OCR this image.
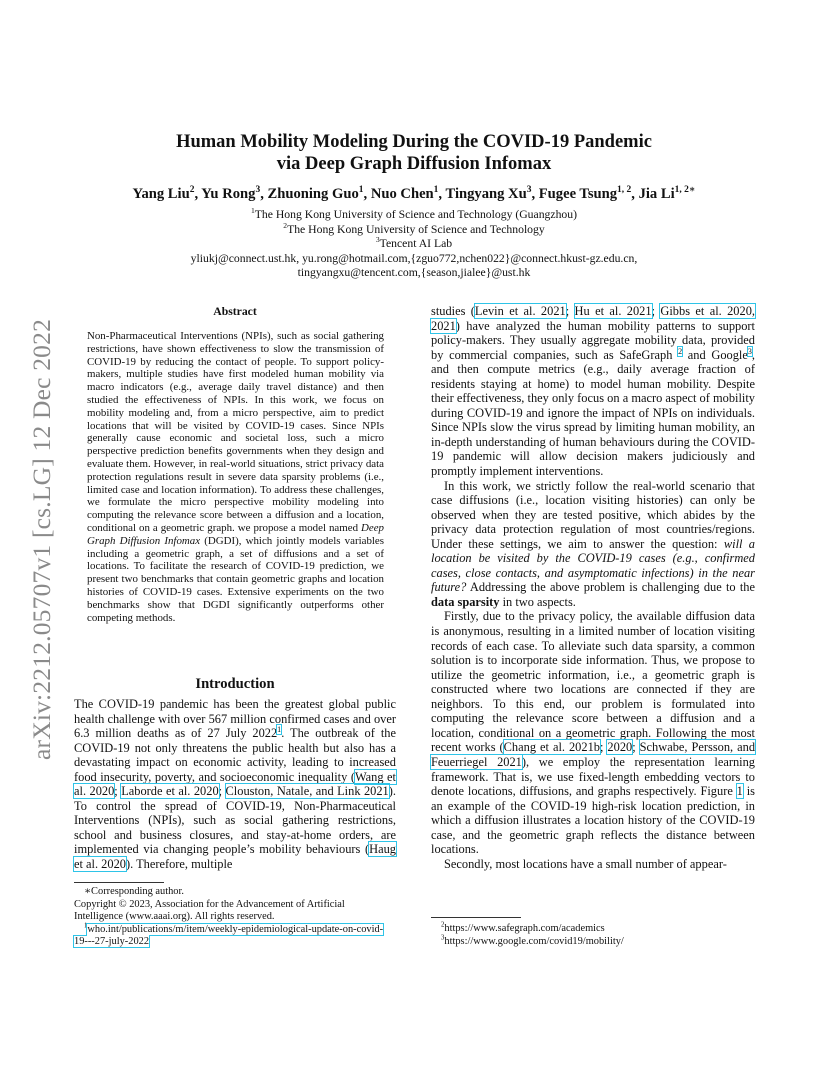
arXiv:2212.05707v1 [cs.LG] 12 Dec 2022
Human Mobility Modeling During the COVID-19 Pandemic
via Deep Graph Diffusion Infomax
Yang Liu$^2$, Yu Rong$^3$, Zhuoning Guo$^1$, Nuo Chen$^1$, Tingyang Xu$^3$, Fugee Tsung$^{1, 2}$, Jia $Li^{1, 2∗}$
$^1$The Hong Kong University of Science and Technology (Guangzhou)
$^2$The Hong Kong University of Science and Technology
$^3$Tencent AI Lab
yliukj@connect.ust.hk, yu.rong@hotmail.com,{zguo772,nchen022}@connect.hkust-gz.edu.cn,
tingyangxu@tencent.com,{season,jialee}@ust.hk
Abstract
Non-Pharmaceutical Interventions (NPIs), such as social gathering restrictions, have shown effectiveness to slow the transmission of COVID-19 by reducing the contact of people. To support policy-makers, multiple studies have first modeled human mobility via macro indicators (e.g., average daily travel distance) and then studied the effectiveness of NPIs. In this work, we focus on mobility modeling and, from a micro perspective, aim to predict locations that will be visited by COVID-19 cases. Since NPIs generally cause economic and societal loss, such a micro perspective prediction benefits governments when they design and evaluate them. However, in real-world situations, strict privacy data protection regulations result in severe data sparsity problems (i.e., limited case and location information). To address these challenges, we formulate the micro perspective mobility modeling into computing the relevance score between a diffusion and a location, conditional on a geometric graph. we propose a model named Deep Graph Diffusion Infomax (DGDI), which jointly models variables including a geometric graph, a set of diffusions and a set of locations. To facilitate the research of COVID-19 prediction, we present two benchmarks that contain geometric graphs and location histories of COVID-19 cases. Extensive experiments on the two benchmarks show that DGDI significantly outperforms other competing methods.
Introduction

The COVID-19 pandemic has been the greatest global public health challenge with over 567 million confirmed cases and over 6.3 million deaths as of 27 July 2022$^1$. The outbreak of the COVID-19 not only threatens the public health but also has a devastating impact on economic activity, leading to increased food insecurity, poverty, and socioeconomic inequality (Wang et al. 2020; Laborde et al. 2020; Clouston, Natale, and Link 2021). To control the spread of COVID-19, Non-Pharmaceutical Interventions (NPIs), such as social gathering restrictions, school and business closures, and stay-at-home orders, are implemented via changing people’s mobility behaviours (Haug et al. 2020). Therefore, multiple

∗Corresponding author.

Copyright © 2023, Association for the Advancement of Artificial Intelligence (www.aaai.org). All rights reserved.

$^1$who.int/publications/m/item/weekly-epidemiological-update-on-covid-19---27-july-2022

studies (Levin et al. 2021; Hu et al. 2021; Gibbs et al. 2020, 2021) have analyzed the human mobility patterns to support policy-makers. They usually aggregate mobility data, provided by commercial companies, such as SafeGraph $^2$ and Google$^3$, and then compute metrics (e.g., daily average fraction of residents staying at home) to model human mobility. Despite their effectiveness, they only focus on a macro aspect of mobility during COVID-19 and ignore the impact of NPIs on individuals. Since NPIs slow the virus spread by limiting human mobility, an in-depth understanding of human behaviours during the COVID-19 pandemic will allow decision makers judiciously and promptly implement interventions.

In this work, we strictly follow the real-world scenario that case diffusions (i.e., location visiting histories) can only be observed when they are tested positive, which abides by the privacy data protection regulation of most countries/regions. Under these settings, we aim to answer the question: will a location be visited by the COVID-19 cases (e.g., confirmed cases, close contacts, and asymptomatic infections) in the near future? Addressing the above problem is challenging due to the data sparsity in two aspects.

Firstly, due to the privacy policy, the available diffusion data is anonymous, resulting in a limited number of location visiting records of each case. To alleviate such data sparsity, a common solution is to incorporate side information. Thus, we propose to utilize the geometric information, i.e., a geometric graph is constructed where two locations are connected if they are neighbors. To this end, our problem is formulated into computing the relevance score between a diffusion and a location, conditional on a geometric graph. Following the most recent works (Chang et al. 2021b; 2020; Schwabe, Persson, and Feuerriegel 2021), we employ the representation learning framework. That is, we use fixed-length embedding vectors to denote locations, diffusions, and graphs respectively. Figure 1 is an example of the COVID-19 high-risk location prediction, in which a diffusion illustrates a location history of the COVID-19 case, and the geometric graph reflects the distance between locations.

Secondly, most locations have a small number of appear-

$^2$https://www.safegraph.com/academics

$^3$https://www.google.com/covid19/mobility/
